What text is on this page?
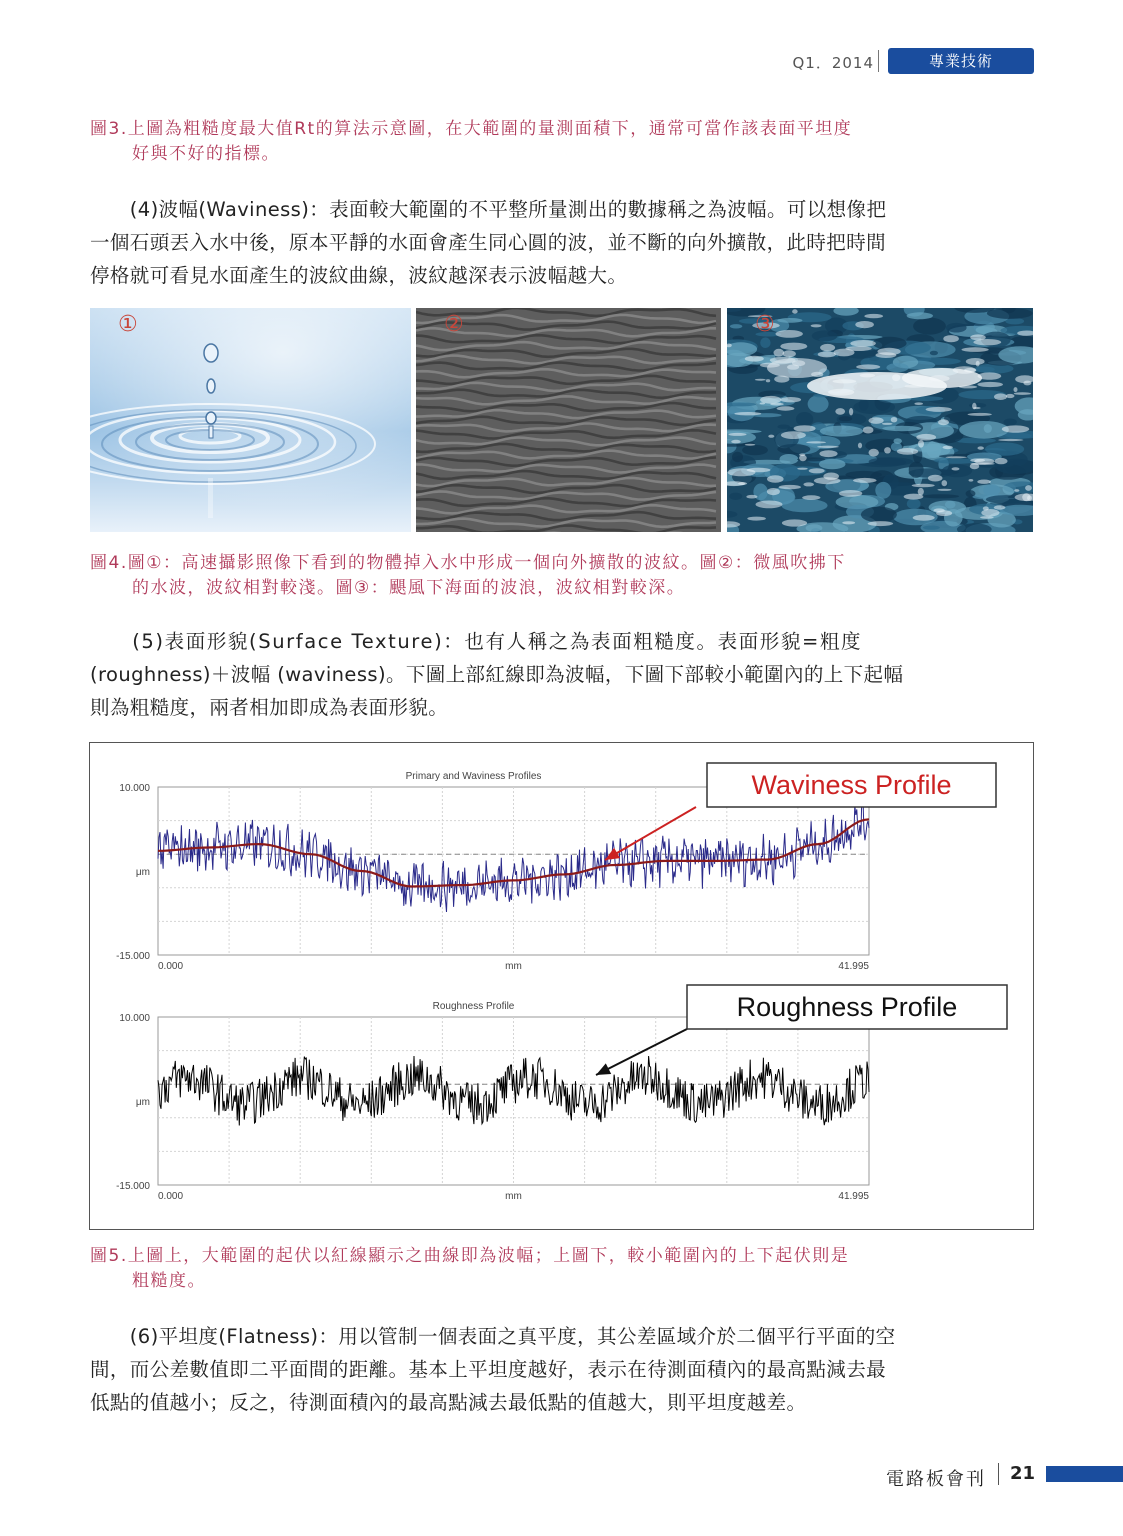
Q1．2014	專業技術
圖3.上圖為粗糙度最大值Rt的算法示意圖，在大範圍的量測面積下，通常可當作該表面平坦度
好與不好的指標。
　　(4)波幅(Waviness)：表面較大範圍的不平整所量測出的數據稱之為波幅。可以想像把
一個石頭丟入水中後，原本平靜的水面會產生同心圓的波，並不斷的向外擴散，此時把時間
停格就可看見水面產生的波紋曲線，波紋越深表示波幅越大。
①	②	③
圖4.圖①：高速攝影照像下看到的物體掉入水中形成一個向外擴散的波紋。圖②：微風吹拂下
的水波，波紋相對較淺。圖③：颶風下海面的波浪，波紋相對較深。
　　(5)表面形貌(Surface Texture)：也有人稱之為表面粗糙度。表面形貌=粗度
(roughness)＋波幅 (waviness)。下圖上部紅線即為波幅，下圖下部較小範圍內的上下起幅
則為粗糙度，兩者相加即成為表面形貌。
Primary and Waviness Profiles
10.000
μm
-15.000
0.000	mm	41.995
Waviness Profile
Roughness Profile
10.000
μm
-15.000
0.000	mm	41.995
Roughness Profile
圖5.上圖上，大範圍的起伏以紅線顯示之曲線即為波幅；上圖下，較小範圍內的上下起伏則是
粗糙度。
　　(6)平坦度(Flatness)：用以管制一個表面之真平度，其公差區域介於二個平行平面的空
間，而公差數值即二平面間的距離。基本上平坦度越好，表示在待測面積內的最高點減去最
低點的值越小；反之，待測面積內的最高點減去最低點的值越大，則平坦度越差。
電路板會刊 21
